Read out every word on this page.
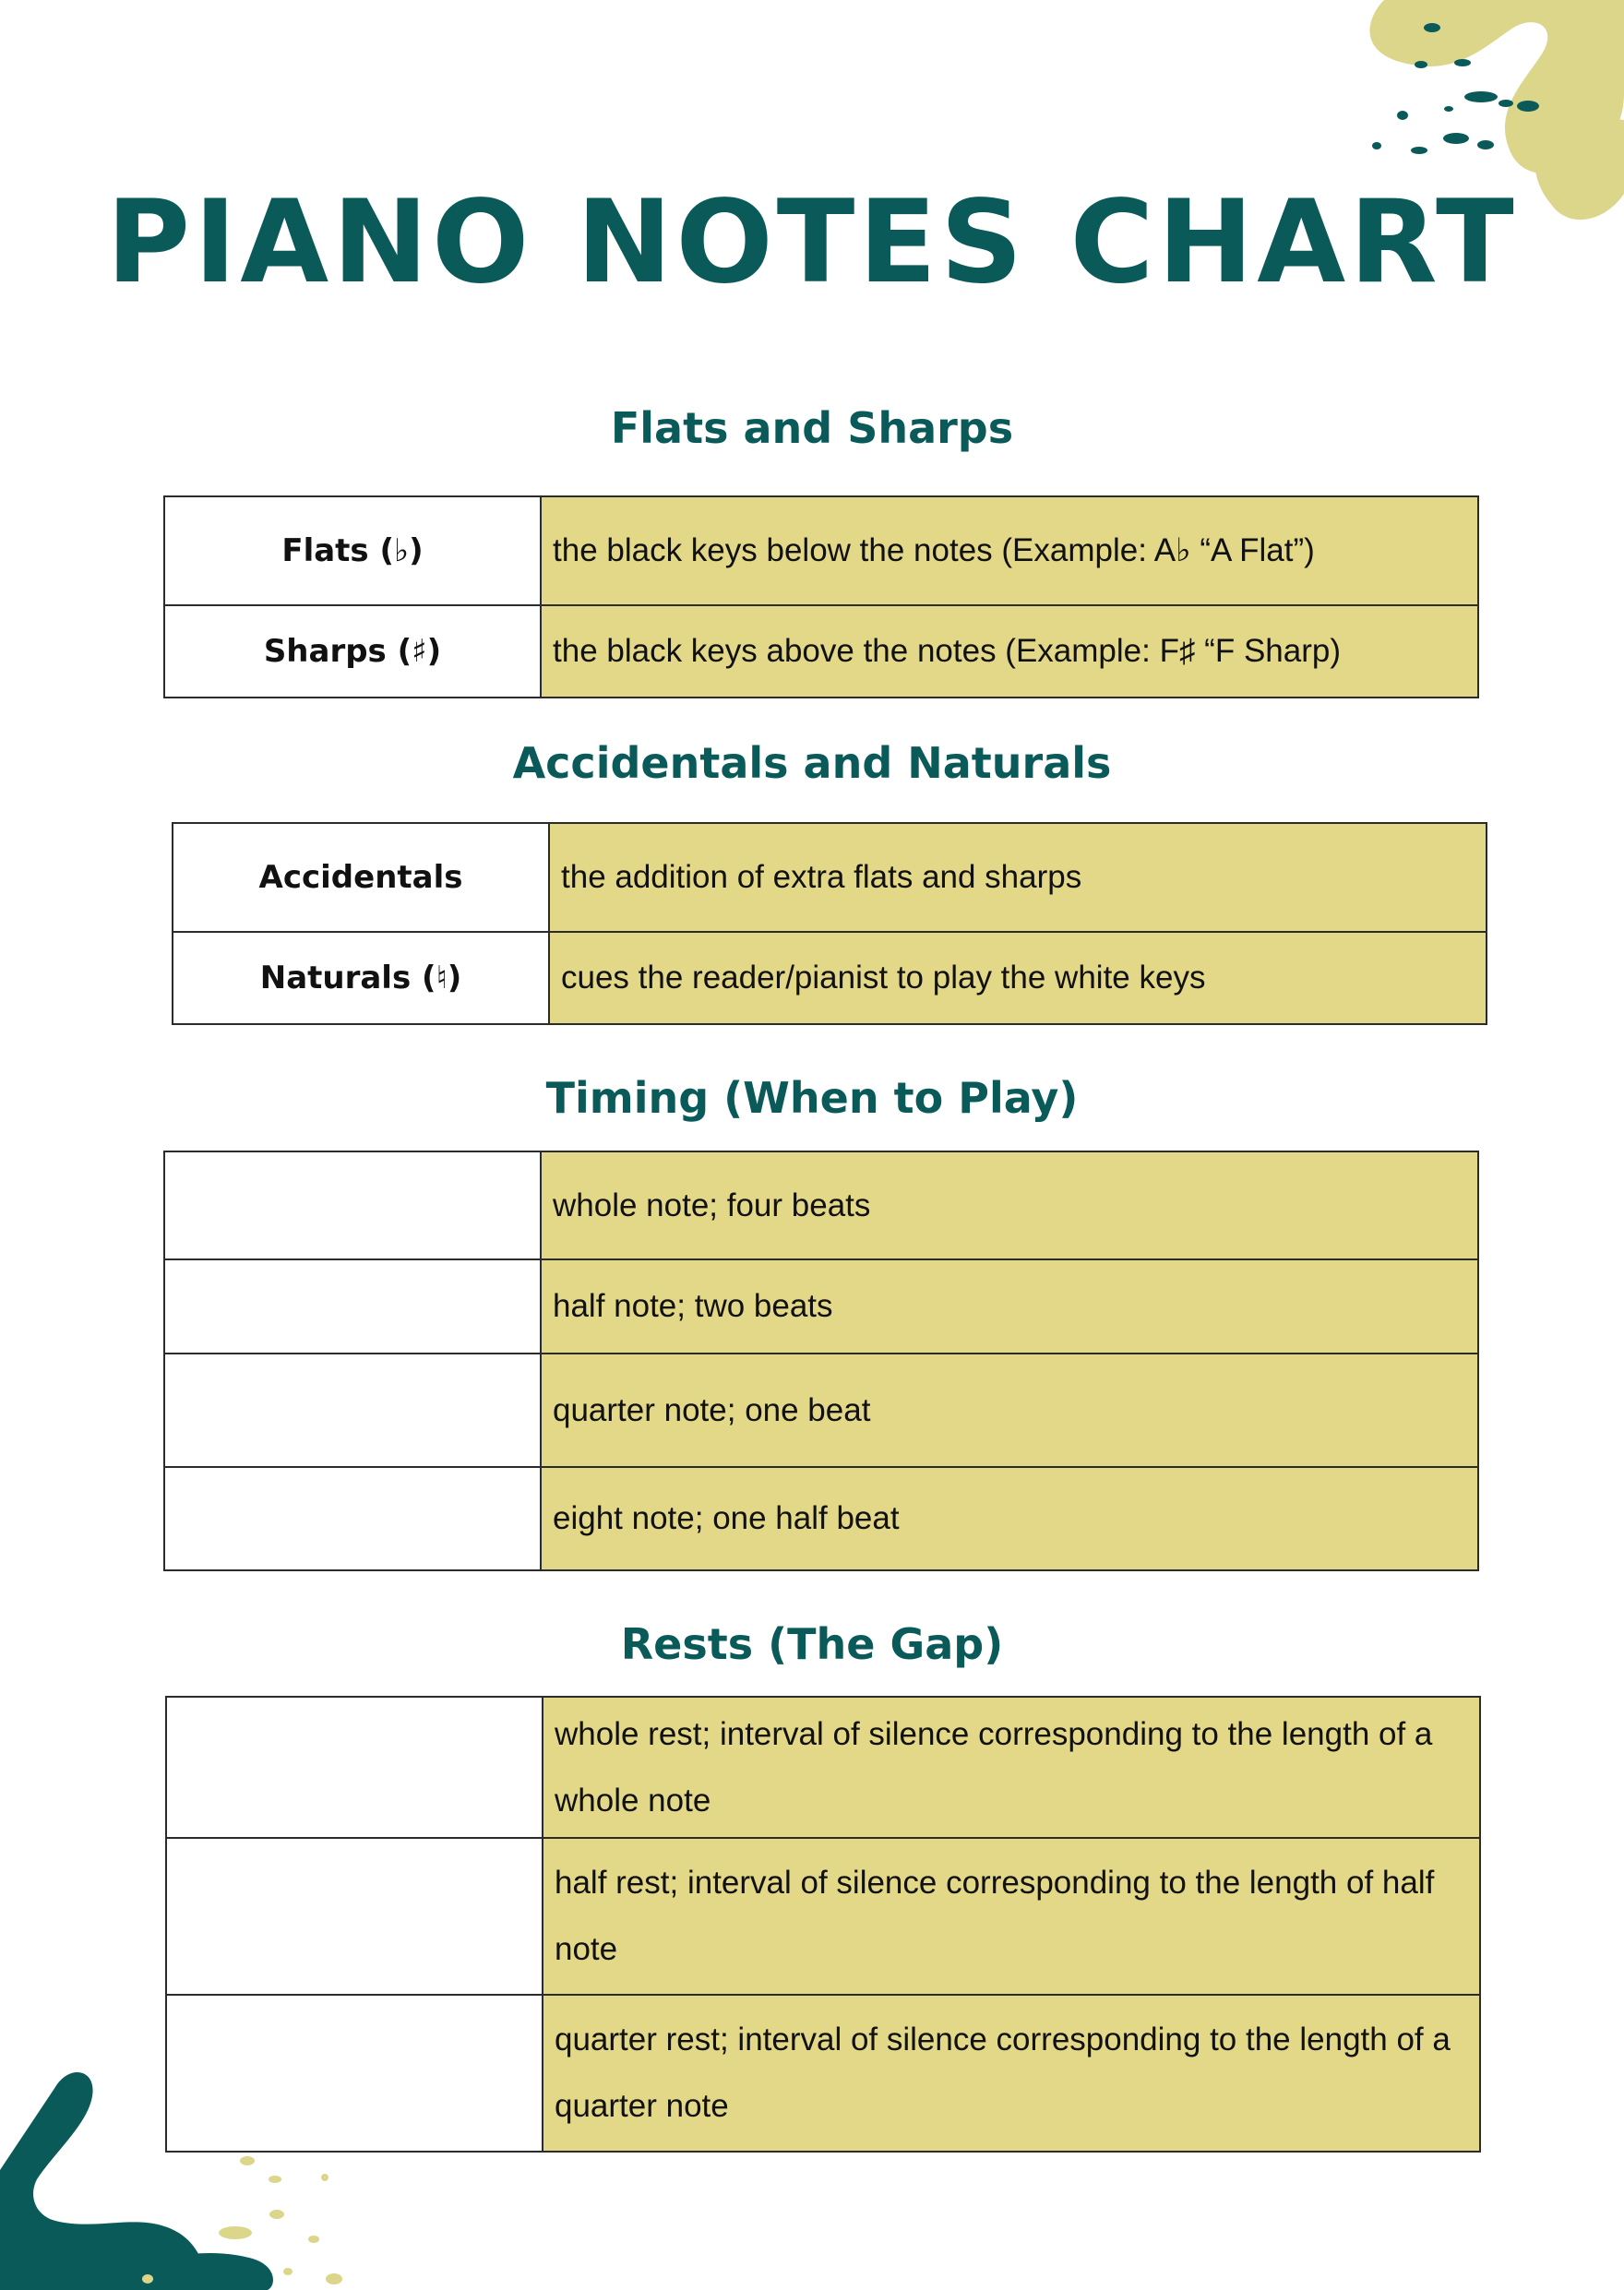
PIANO NOTES CHART
Flats and Sharps
Flats (♭)	the black keys below the notes (Example: A♭ “A Flat”)
Sharps (♯)	the black keys above the notes (Example: F♯ “F Sharp)
Accidentals and Naturals
Accidentals	the addition of extra flats and sharps
Naturals (♮)	cues the reader/pianist to play the white keys
Timing (When to Play)
	whole note; four beats
	half note; two beats
	quarter note; one beat
	eight note; one half beat
Rests (The Gap)
	whole rest; interval of silence corresponding to the length of a whole note
	half rest; interval of silence corresponding to the length of half note
	quarter rest; interval of silence corresponding to the length of a quarter note
